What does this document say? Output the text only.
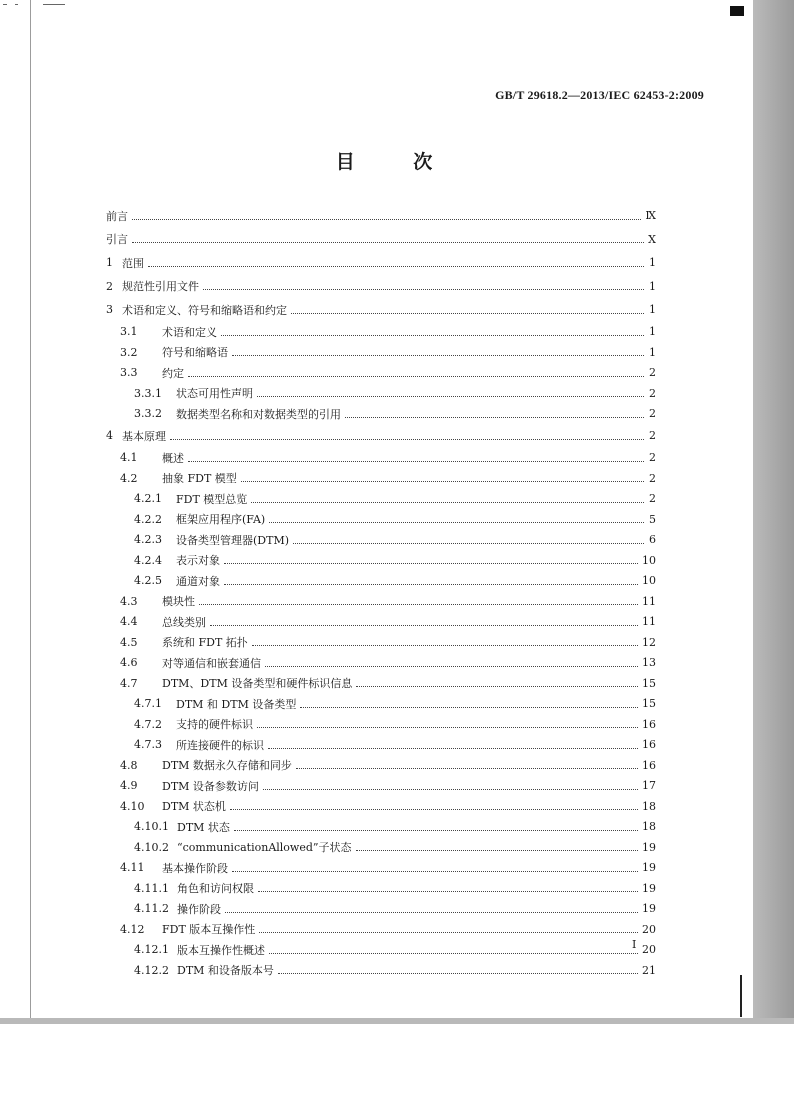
GB/T 29618.2—2013/IEC 62453-2:2009
目 次
前言	Ⅸ
引言	Ⅹ
1 范围	1
2 规范性引用文件	1
3 术语和定义、符号和缩略语和约定	1
3.1	术语和定义	1
3.2	符号和缩略语	1
3.3	约定	2
3.3.1	状态可用性声明	2
3.3.2	数据类型名称和对数据类型的引用	2
4 基本原理	2
4.1	概述	2
4.2	抽象 FDT 模型	2
4.2.1	FDT 模型总览	2
4.2.2	框架应用程序(FA)	5
4.2.3	设备类型管理器(DTM)	6
4.2.4	表示对象	10
4.2.5	通道对象	10
4.3	模块性	11
4.4	总线类别	11
4.5	系统和 FDT 拓扑	12
4.6	对等通信和嵌套通信	13
4.7	DTM、DTM 设备类型和硬件标识信息	15
4.7.1	DTM 和 DTM 设备类型	15
4.7.2	支持的硬件标识	16
4.7.3	所连接硬件的标识	16
4.8	DTM 数据永久存储和同步	16
4.9	DTM 设备参数访问	17
4.10	DTM 状态机	18
4.10.1 DTM 状态	18
4.10.2 “communicationAllowed”子状态	19
4.11	基本操作阶段	19
4.11.1 角色和访问权限	19
4.11.2 操作阶段	19
4.12	FDT 版本互操作性	20
4.12.1 版本互操作性概述	20
4.12.2 DTM 和设备版本号	21
Ⅰ
